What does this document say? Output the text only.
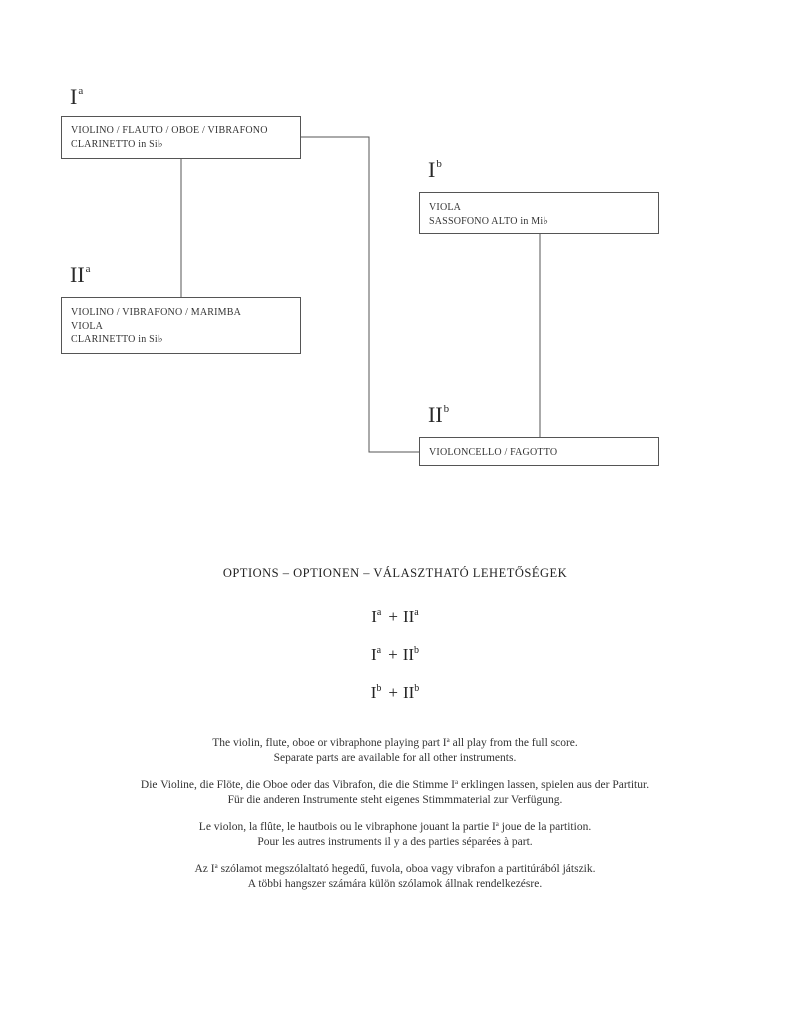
$I^a$
VIOLINO / FLAUTO / OBOE / VIBRAFONO
CLARINETTO in Si♭
$I^b$
VIOLA
SASSOFONO ALTO in Mi♭
$II^a$
VIOLINO / VIBRAFONO / MARIMBA
VIOLA
CLARINETTO in Si♭
$II^b$
VIOLONCELLO / FAGOTTO
OPTIONS – OPTIONEN – VÁLASZTHATÓ LEHETŐSÉGEK
$I^a + II^a$
$I^a + II^b$
$I^b + II^b$
The violin, flute, oboe or vibraphone playing part $I^a$ all play from the full score.
Separate parts are available for all other instruments.
Die Violine, die Flöte, die Oboe oder das Vibrafon, die die Stimme $I^a$ erklingen lassen, spielen aus der Partitur.
Für die anderen Instrumente steht eigenes Stimmmaterial zur Verfügung.
Le violon, la flûte, le hautbois ou le vibraphone jouant la partie $I^a$ joue de la partition.
Pour les autres instruments il y a des parties séparées à part.
Az $I^a$ szólamot megszólaltató hegedű, fuvola, oboa vagy vibrafon a partitúrából játszik.
A többi hangszer számára külön szólamok állnak rendelkezésre.
